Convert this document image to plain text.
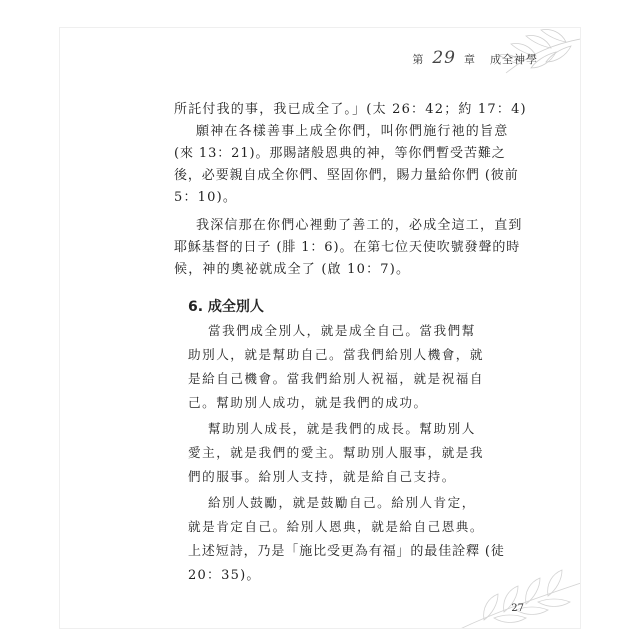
第 29 章 成全神學
所託付我的事，我已成全了。」(太 26：42；約 17：4)
願神在各樣善事上成全你們，叫你們施行祂的旨意
(來 13：21)。那賜諸般恩典的神，等你們暫受苦難之
後，必要親自成全你們、堅固你們，賜力量給你們 (彼前
5：10)。
我深信那在你們心裡動了善工的，必成全這工，直到
耶穌基督的日子 (腓 1：6)。在第七位天使吹號發聲的時
候，神的奧祕就成全了 (啟 10：7)。
6. 成全別人
當我們成全別人，就是成全自己。當我們幫
助別人，就是幫助自己。當我們給別人機會，就
是給自己機會。當我們給別人祝福，就是祝福自
己。幫助別人成功，就是我們的成功。
幫助別人成長，就是我們的成長。幫助別人
愛主，就是我們的愛主。幫助別人服事，就是我
們的服事。給別人支持，就是給自己支持。
給別人鼓勵，就是鼓勵自己。給別人肯定，
就是肯定自己。給別人恩典，就是給自己恩典。
上述短詩，乃是「施比受更為有福」的最佳詮釋 (徒
20：35)。
27
